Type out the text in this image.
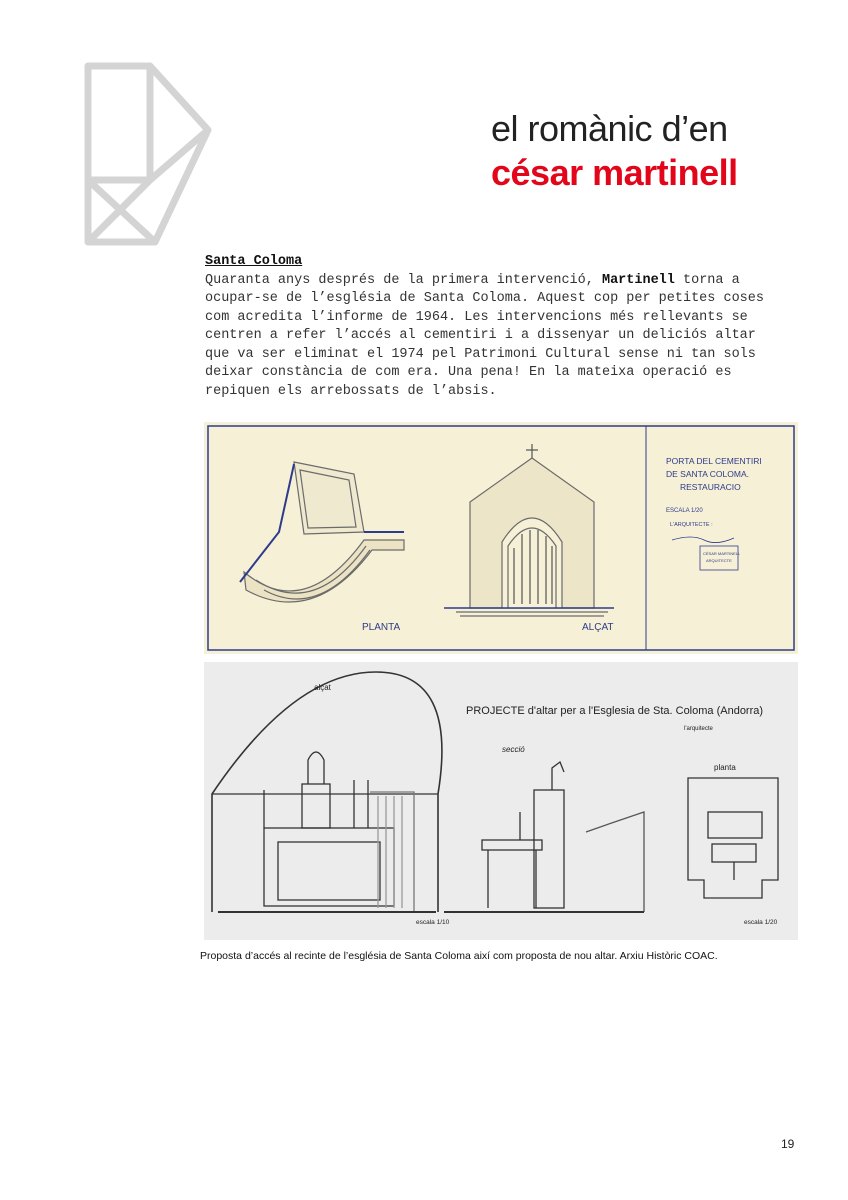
el romànic d’en
césar martinell
Santa Coloma
Quaranta anys després de la primera intervenció, Martinell torna a
ocupar-se de l’església de Santa Coloma. Aquest cop per petites coses
com acredita l’informe de 1964. Les intervencions més rellevants se
centren a refer l’accés al cementiri i a dissenyar un deliciós altar
que va ser eliminat el 1974 pel Patrimoni Cultural sense ni tan sols
deixar constància de com era. Una pena! En la mateixa operació es
repiquen els arrebossats de l’absis.
PLANTA	ALÇAT
PORTA DEL CEMENTIRI
DE SANTA COLOMA.
RESTAURACIO
ESCALA 1/20
L'ARQUITECTE :
CÉSAR MARTINELL
ARQUITECTE
PROJECTE d'altar per a l'Esglesia de Sta. Coloma (Andorra)
l'arquitecte
alçat
secció
planta
escala 1/10	escala 1/20
Proposta d’accés al recinte de l’església de Santa Coloma així com proposta de nou altar. Arxiu Històric COAC.
19
